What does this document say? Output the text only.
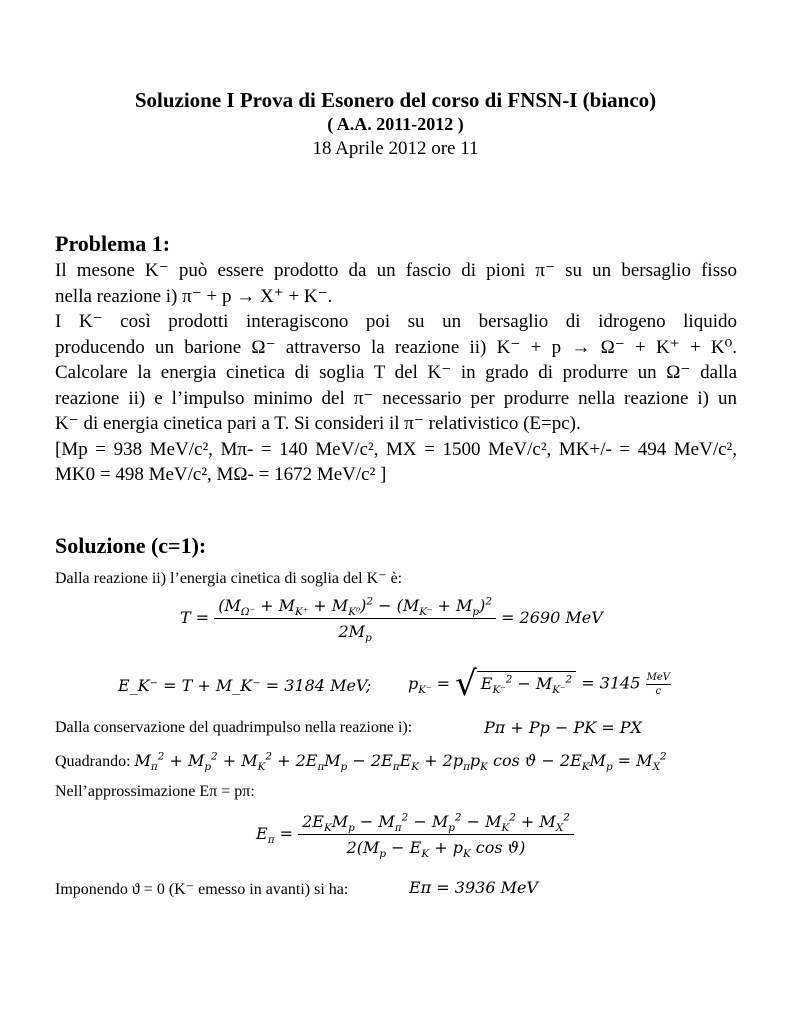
Soluzione I Prova di Esonero del corso di FNSN-I (bianco)
( A.A. 2011-2012 )
18 Aprile 2012 ore 11
Problema 1:
Il mesone K⁻ può essere prodotto da un fascio di pioni π⁻ su un bersaglio fisso
nella reazione i) π⁻ + p → X⁺ + K⁻.
I K⁻ così prodotti interagiscono poi su un bersaglio di idrogeno liquido
producendo un barione Ω⁻ attraverso la reazione ii) K⁻ + p → Ω⁻ + K⁺ + K⁰.
Calcolare la energia cinetica di soglia T del K⁻ in grado di produrre un Ω⁻ dalla
reazione ii) e l’impulso minimo del π⁻ necessario per produrre nella reazione i) un
K⁻ di energia cinetica pari a T. Si consideri il π⁻ relativistico (E=pc).
[Mp = 938 MeV/c², Mπ- = 140 MeV/c², MX = 1500 MeV/c², MK+/- = 494 MeV/c²,
MK0 = 498 MeV/c², MΩ- = 1672 MeV/c² ]
Soluzione (c=1):
Dalla reazione ii) l’energia cinetica di soglia del K⁻ è:
$T = \frac{(M_{\Omega^-} + M_{K^+} + M_{K^0})^2 - (M_{K^-} + M_p)^2}{2M_p} = 2690$ MeV
E_K⁻ = T + M_K⁻ = 3184 MeV; $p_{K^-}$ = √ $E_{K^-}^2 - M_{K^-}^2 = 3145 \frac{\text{MeV}}{c}$
Dalla conservazione del quadrimpulso nella reazione i):	Pπ + Pp − PK = PX
Quadrando: $M_\pi^2 + M_p^2 + M_K^2 + 2E_\pi M_p - 2E_\pi E_K + 2p_\pi p_K$ $\cos ϑ - 2E_KM_p = M_X^2$
Nell’approssimazione Eπ = pπ:
$E_\pi = \frac{2E_KM_p - M_\pi^2 - M_p^2 - M_K^2 + M_X^2}{2(M_p - E_K + p_K \cos ϑ)}$
Imponendo ϑ = 0 (K⁻ emesso in avanti) si ha:	Eπ = 3936 MeV
